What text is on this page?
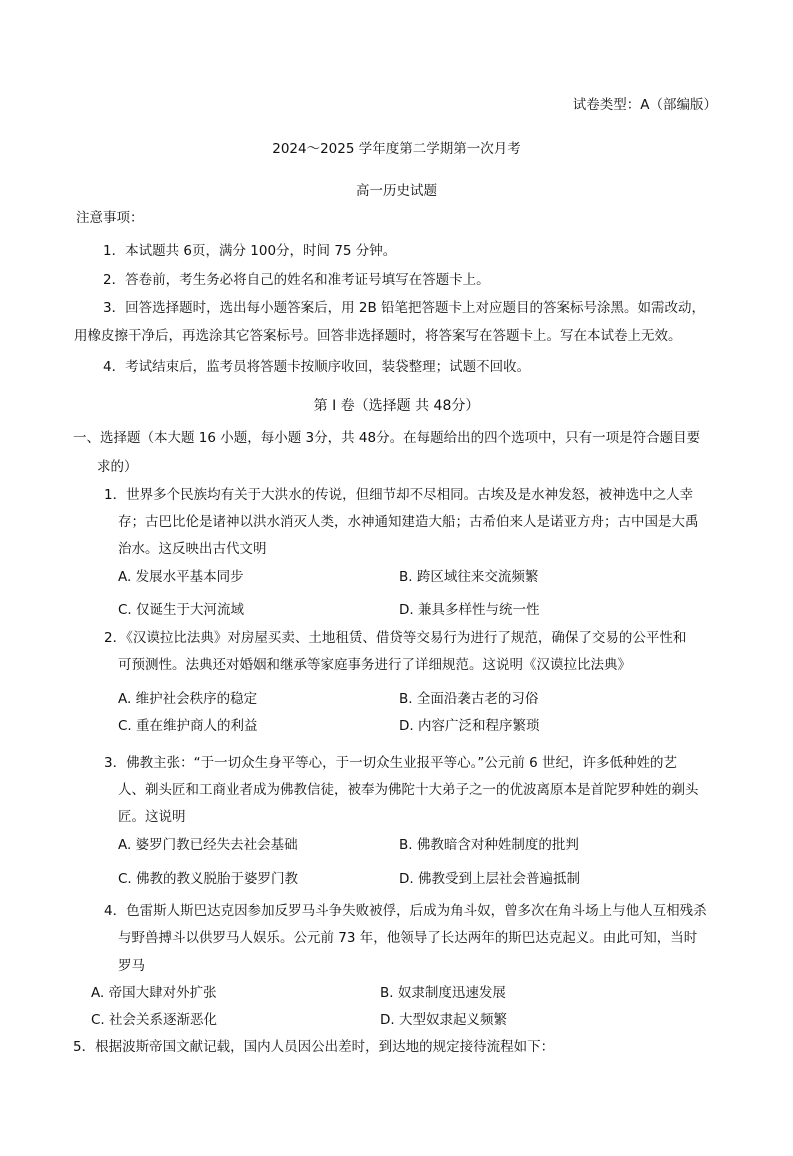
试卷类型：A（部编版）
2024～2025 学年度第二学期第一次月考
高一历史试题
注意事项：
1．本试题共 6页，满分 100分，时间 75 分钟。
2．答卷前，考生务必将自己的姓名和准考证号填写在答题卡上。
3．回答选择题时，选出每小题答案后，用 2B 铅笔把答题卡上对应题目的答案标号涂黑。如需改动，
用橡皮擦干净后，再选涂其它答案标号。回答非选择题时，将答案写在答题卡上。写在本试卷上无效。
4．考试结束后，监考员将答题卡按顺序收回，装袋整理；试题不回收。
第 I 卷（选择题 共 48分）
一、选择题（本大题 16 小题，每小题 3分，共 48分。在每题给出的四个选项中，只有一项是符合题目要
求的）
1．世界多个民族均有关于大洪水的传说，但细节却不尽相同。古埃及是水神发怒，被神选中之人幸
存；古巴比伦是诸神以洪水消灭人类，水神通知建造大船；古希伯来人是诺亚方舟；古中国是大禹
治水。这反映出古代文明
A. 发展水平基本同步	B. 跨区域往来交流频繁
C. 仅诞生于大河流域	D. 兼具多样性与统一性
2．《汉谟拉比法典》对房屋买卖、土地租赁、借贷等交易行为进行了规范，确保了交易的公平性和
可预测性。法典还对婚姻和继承等家庭事务进行了详细规范。这说明《汉谟拉比法典》
A. 维护社会秩序的稳定	B. 全面沿袭古老的习俗
C. 重在维护商人的利益	D. 内容广泛和程序繁琐
3．佛教主张：“于一切众生身平等心，于一切众生业报平等心。”公元前 6 世纪，许多低种姓的艺
人、剃头匠和工商业者成为佛教信徒，被奉为佛陀十大弟子之一的优波离原本是首陀罗种姓的剃头
匠。这说明
A. 婆罗门教已经失去社会基础	B. 佛教暗含对种姓制度的批判
C. 佛教的教义脱胎于婆罗门教	D. 佛教受到上层社会普遍抵制
4．色雷斯人斯巴达克因参加反罗马斗争失败被俘，后成为角斗奴，曾多次在角斗场上与他人互相残杀
与野兽搏斗以供罗马人娱乐。公元前 73 年，他领导了长达两年的斯巴达克起义。由此可知，当时
罗马
A. 帝国大肆对外扩张	B. 奴隶制度迅速发展
C. 社会关系逐渐恶化	D. 大型奴隶起义频繁
5．根据波斯帝国文献记载，国内人员因公出差时，到达地的规定接待流程如下：
